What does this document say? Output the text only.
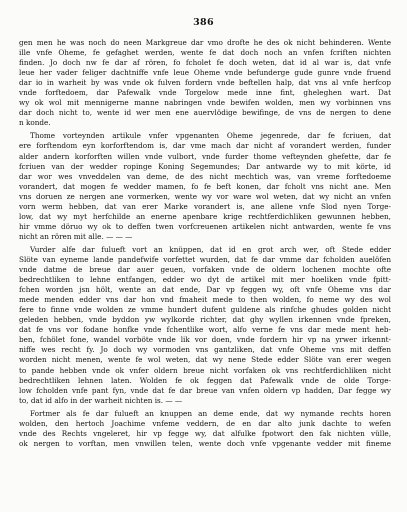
386
gen men he was noch do neen Markgreue dar vmo drofte he des ok nicht behinderen. Wente
ille vnfe Oheme, fe gefaghet werden, wente fe dat doch noch an vnfen fcriften nichten
finden. Jo doch nw fe dar af rören, fo fcholet fe doch weten, dat id al war is, dat vnfe
leue her vader feliger dachtniffe vnfe leue Oheme vnde befunderge gude gunre vnde fruend
dar io in warheit by was vnde ok fulven fordern vnde beftellen halp, dat vns al vnfe herfcop
vnde forftedoem, dar Pafewalk vnde Torgelow mede inne fint, gheleghen wart. Dat
wy ok wol mit mennigerne manne nabringen vnde bewifen wolden, men wy vorbinnen vns
dar doch nicht to, wente id wer men ene auervlödige bewifinge, de vns de nergen to dene
n konde.
Thome vorteynden artikule vnfer vpgenanten Oheme jegenrede, dar fe fcriuen, dat
ere forftendom eyn korforftendom is, dar vme mach dar nicht af vorandert werden, funder
alder andern korforften willen vnde vulbort, vnde furder thome vefteynden ghefette, dar fe
fcriuen van der wedder ropinge Koning Segemundes; Dar antwarde wy to mit körte, id
dar wor wes vnveddelen van deme, de des nicht mechtich was, van vreme forftedoeme
vorandert, dat mogen fe wedder mamen, fo fe beft konen, dar fcholt vns nicht ane. Men
vns doruen ze nergen ane vormerken, wente wy vor ware wol weten, dat wy nicht an vnfen
vorn werm hebben, dat van erer Marke vorandert is, ane allene vnfe Slod nyen Torge-
low, dat wy myt herfchilde an enerne apenbare krige rechtferdichliken gewunnen hebben,
hir vmme döruo wy ok to deffen twen vorfcreuenen artikelen nicht antwarden, wente fe vns
nicht an rören mit alle. — — —
Vurder alfe dar fulueft vort an knüppen, dat id en grot arch wer, oft Stede edder
Slöte van eyneme lande pandefwife vorfettet wurden, dat fe dar vmme dar fcholden auelöfen
vnde datme de breue dar auer geuen, vorfaken vnde de oldern lochenen mochte ofte
bedrechtliken to lehne entfangen, edder wo dyt de artikel mit mer hoeliken vnde fpitt-
fchen worden jsn hölt, wente an dat ende, Dar vp feggen wy, oft vnfe Oheme vns dar
mede menden edder vns dar hon vnd fmaheit mede to then wolden, fo neme wy des wol
fere to finne vnde wolden ze vmme hundert dufent guldene als rinfche ghudes golden nicht
geleden hebben, vnde byddon yw wylkorde richter, dat ghy wyllen irkennen vnde fpreken,
dat fe vns vor fodane honfke vnde fchentlike wort, alfo verne fe vns dar mede ment heb-
ben, fchölet fone, wandel vorböte vnde lik vor doen, vnde fordern hir vp na yrwer irkennt-
niffe wes recht fy. Jo doch wy vormoden vns gantzliken, dat vnfe Oheme vns mit deffen
worden nicht menen, wente fe wol weten, dat wy nene Stede edder Slöte van erer wegen
to pande hebben vnde ok vnfer oldern breue nicht vorfaken ok vns rechtferdichliken nicht
bedrechtliken lehnen laten. Wolden fe ok feggen dat Pafewalk vnde de olde Torge-
low fcholden vnfe pant fyn, vnde dat fe dar breue van vnfen oldern vp hadden, Dar fegge wy
to, dat id alfo in der warheit nichten is. — —
Fortmer als fe dar fulueft an knuppen an deme ende, dat wy nymande rechts horen
wolden, den hertoch Joachime vnfeme veddern, de en dar alto junk dachte to wefen
vnde des Rechts vngeleret, hir vp fegge wy, dat alfulke fpotwort den fak nichten vülle,
ok nergen to vorftan, men vnwillen telen, wente doch vnfe vpgenante vedder mit fineme
